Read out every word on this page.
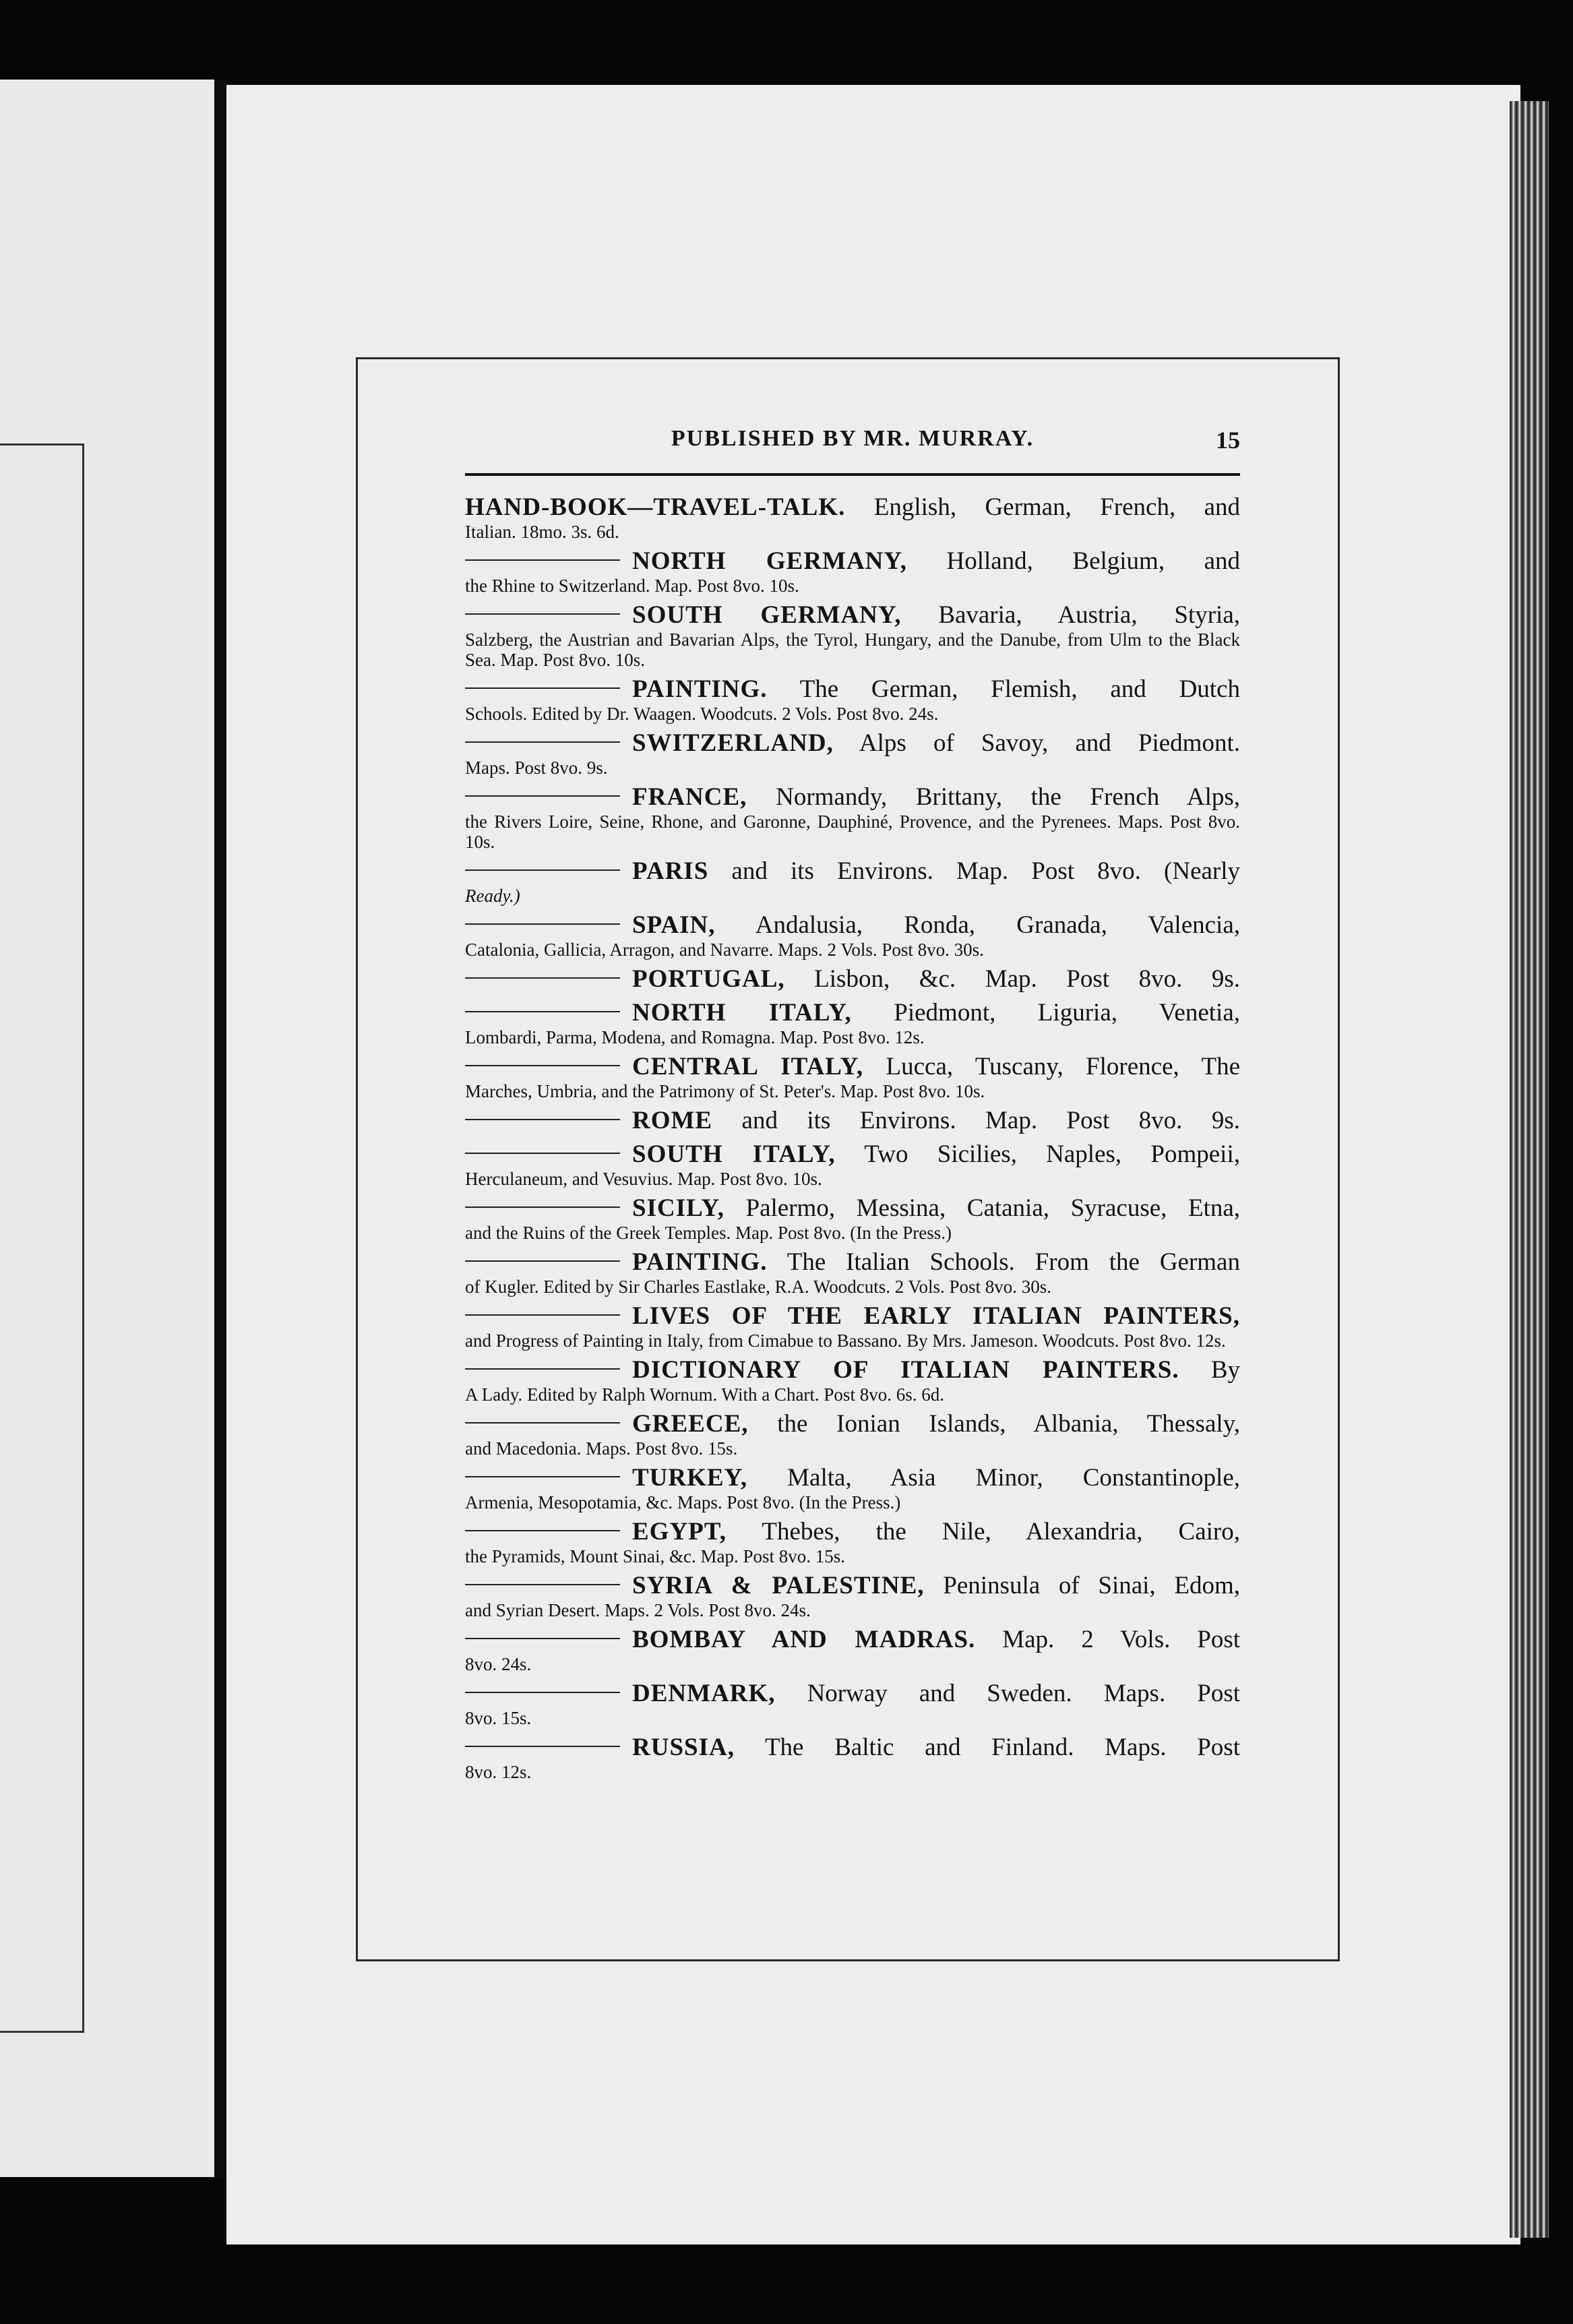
PUBLISHED BY MR. MURRAY.	15
HAND-BOOK—TRAVEL-TALK. English, German, French, and
Italian. 18mo. 3s. 6d.
NORTH GERMANY, Holland, Belgium, and
the Rhine to Switzerland. Map. Post 8vo. 10s.
SOUTH GERMANY, Bavaria, Austria, Styria,
Salzberg, the Austrian and Bavarian Alps, the Tyrol, Hungary, and the Danube, from Ulm to the Black Sea. Map. Post 8vo. 10s.
PAINTING. The German, Flemish, and Dutch
Schools. Edited by Dr. Waagen. Woodcuts. 2 Vols. Post 8vo. 24s.
SWITZERLAND, Alps of Savoy, and Piedmont.
Maps. Post 8vo. 9s.
FRANCE, Normandy, Brittany, the French Alps,
the Rivers Loire, Seine, Rhone, and Garonne, Dauphiné, Provence, and the Pyrenees. Maps. Post 8vo. 10s.
PARIS and its Environs. Map. Post 8vo. (Nearly
Ready.)
SPAIN, Andalusia, Ronda, Granada, Valencia,
Catalonia, Gallicia, Arragon, and Navarre. Maps. 2 Vols. Post 8vo. 30s.
PORTUGAL, Lisbon, &c. Map. Post 8vo. 9s.
NORTH ITALY, Piedmont, Liguria, Venetia,
Lombardi, Parma, Modena, and Romagna. Map. Post 8vo. 12s.
CENTRAL ITALY, Lucca, Tuscany, Florence, The
Marches, Umbria, and the Patrimony of St. Peter's. Map. Post 8vo. 10s.
ROME and its Environs. Map. Post 8vo. 9s.
SOUTH ITALY, Two Sicilies, Naples, Pompeii,
Herculaneum, and Vesuvius. Map. Post 8vo. 10s.
SICILY, Palermo, Messina, Catania, Syracuse, Etna,
and the Ruins of the Greek Temples. Map. Post 8vo. (In the Press.)
PAINTING. The Italian Schools. From the German
of Kugler. Edited by Sir Charles Eastlake, R.A. Woodcuts. 2 Vols. Post 8vo. 30s.
LIVES OF THE EARLY ITALIAN PAINTERS,
and Progress of Painting in Italy, from Cimabue to Bassano. By Mrs. Jameson. Woodcuts. Post 8vo. 12s.
DICTIONARY OF ITALIAN PAINTERS. By
A Lady. Edited by Ralph Wornum. With a Chart. Post 8vo. 6s. 6d.
GREECE, the Ionian Islands, Albania, Thessaly,
and Macedonia. Maps. Post 8vo. 15s.
TURKEY, Malta, Asia Minor, Constantinople,
Armenia, Mesopotamia, &c. Maps. Post 8vo. (In the Press.)
EGYPT, Thebes, the Nile, Alexandria, Cairo,
the Pyramids, Mount Sinai, &c. Map. Post 8vo. 15s.
SYRIA & PALESTINE, Peninsula of Sinai, Edom,
and Syrian Desert. Maps. 2 Vols. Post 8vo. 24s.
BOMBAY AND MADRAS. Map. 2 Vols. Post
8vo. 24s.
DENMARK, Norway and Sweden. Maps. Post
8vo. 15s.
RUSSIA, The Baltic and Finland. Maps. Post
8vo. 12s.
